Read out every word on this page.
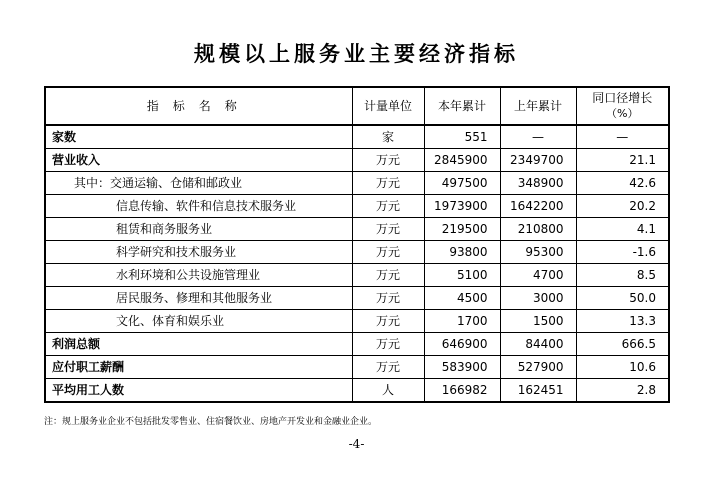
规模以上服务业主要经济指标
指标名称	计量单位	本年累计	上年累计	同口径增长
（%）

家数	家	551	—	—
营业收入	万元	2845900	2349700	21.1
其中：交通运输、仓储和邮政业	万元	497500	348900	42.6
信息传输、软件和信息技术服务业	万元	1973900	1642200	20.2
租赁和商务服务业	万元	219500	210800	4.1
科学研究和技术服务业	万元	93800	95300	-1.6
水利环境和公共设施管理业	万元	5100	4700	8.5
居民服务、修理和其他服务业	万元	4500	3000	50.0
文化、体育和娱乐业	万元	1700	1500	13.3
利润总额	万元	646900	84400	666.5
应付职工薪酬	万元	583900	527900	10.6
平均用工人数	人	166982	162451	2.8
注：规上服务业企业不包括批发零售业、住宿餐饮业、房地产开发业和金融业企业。
-4-
